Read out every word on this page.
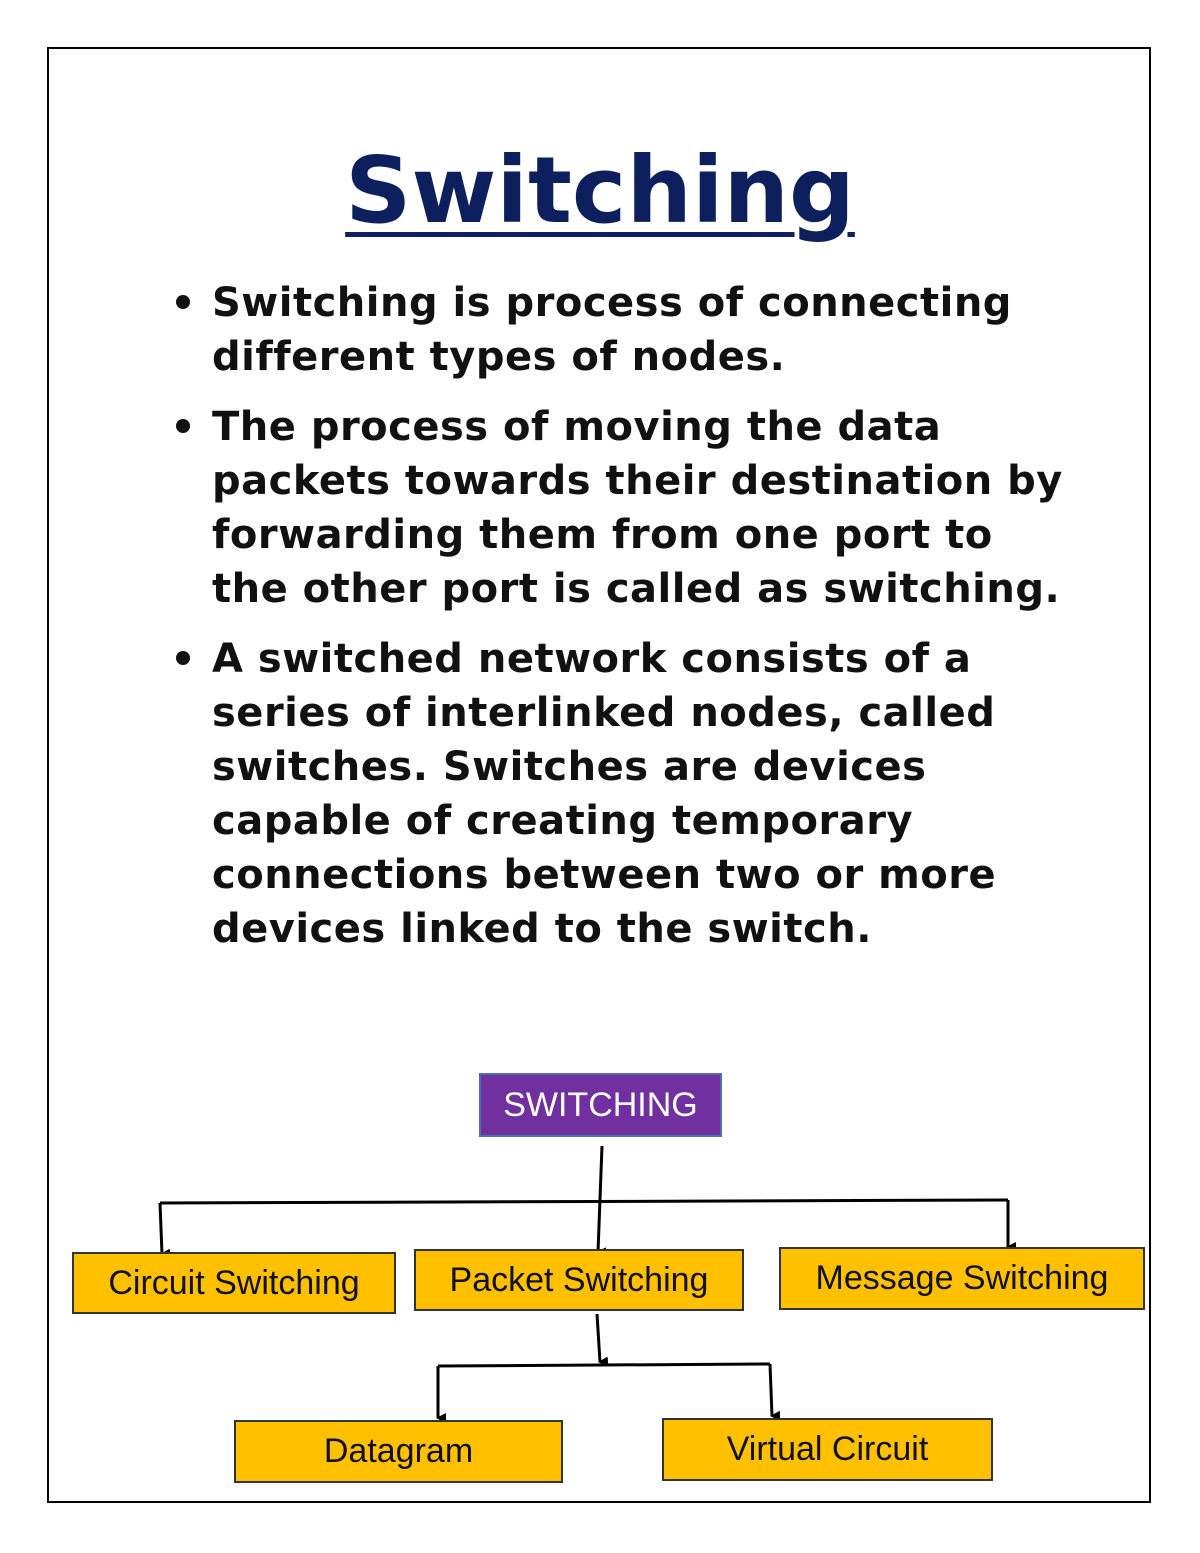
Switching
Switching is process of connecting different types of nodes.
The process of moving the data packets towards their destination by forwarding them from one port to the other port is called as switching.
A switched network consists of a series of interlinked nodes, called switches. Switches are devices capable of creating temporary connections between two or more devices linked to the switch.
SWITCHING
Circuit Switching	Packet Switching	Message Switching
Datagram	Virtual Circuit
